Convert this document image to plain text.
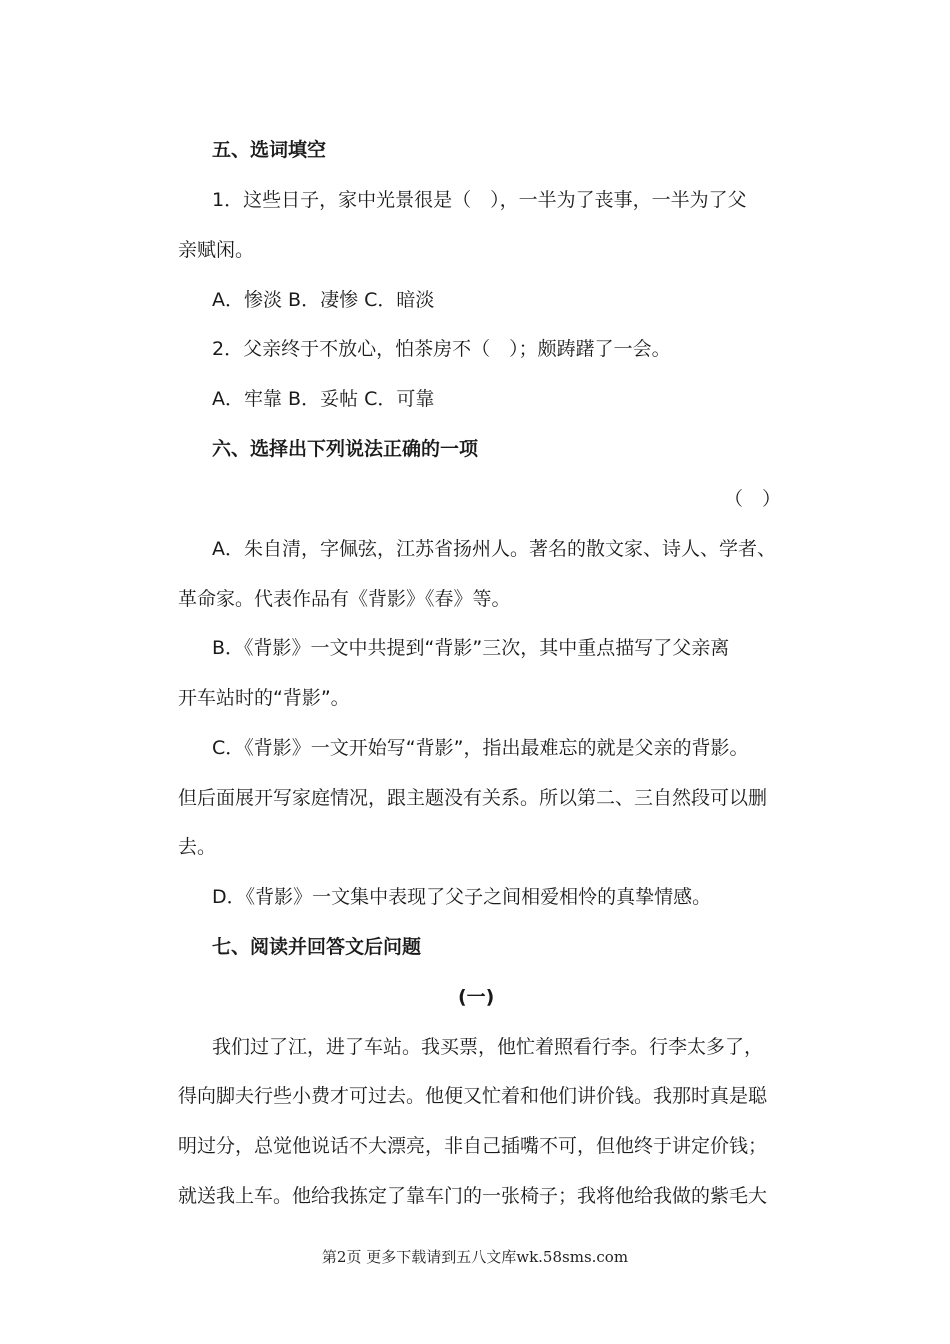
五、选词填空
1．这些日子，家中光景很是（　），一半为了丧事，一半为了父
亲赋闲。
A．惨淡 B．凄惨 C．暗淡
2．父亲终于不放心，怕茶房不（　）；颇踌躇了一会。
A．牢靠 B．妥帖 C．可靠
六、选择出下列说法正确的一项
（　）
A．朱自清，字佩弦，江苏省扬州人。著名的散文家、诗人、学者、
革命家。代表作品有《背影》《春》等。
B．《背影》一文中共提到“背影”三次，其中重点描写了父亲离
开车站时的“背影”。
C．《背影》一文开始写“背影”，指出最难忘的就是父亲的背影。
但后面展开写家庭情况，跟主题没有关系。所以第二、三自然段可以删
去。
D．《背影》一文集中表现了父子之间相爱相怜的真挚情感。
七、阅读并回答文后问题
(一)
我们过了江，进了车站。我买票，他忙着照看行李。行李太多了，
得向脚夫行些小费才可过去。他便又忙着和他们讲价钱。我那时真是聪
明过分，总觉他说话不大漂亮，非自己插嘴不可，但他终于讲定价钱；
就送我上车。他给我拣定了靠车门的一张椅子；我将他给我做的紫毛大
第2页 更多下载请到五八文库wk.58sms.com
